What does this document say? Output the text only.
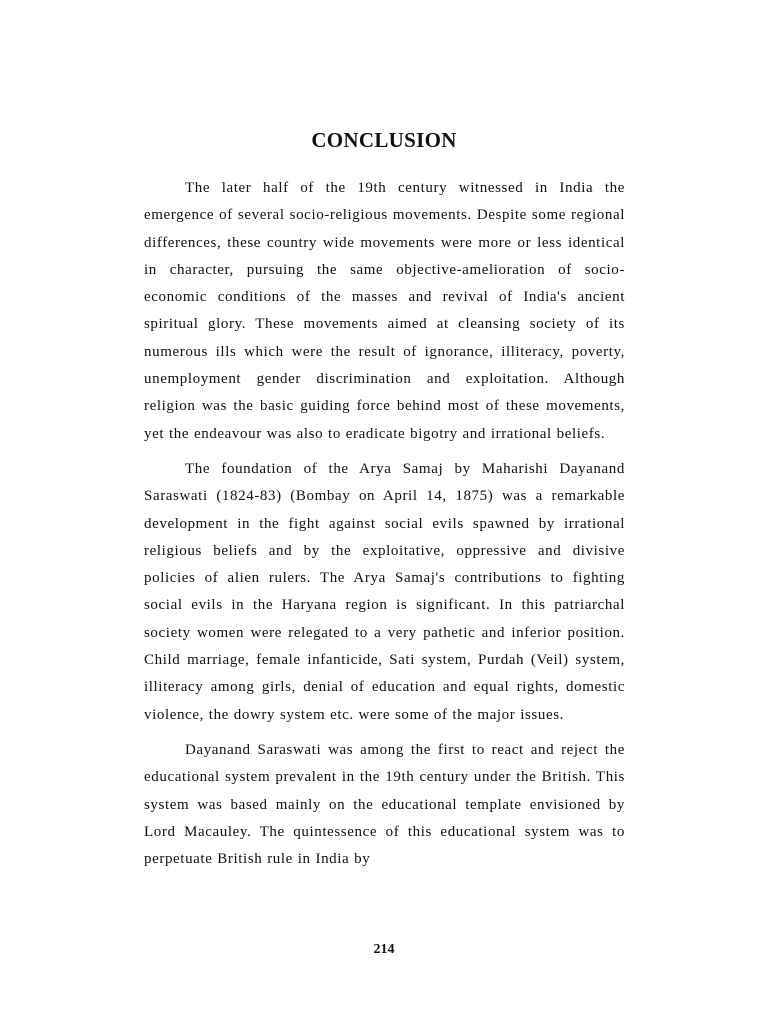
CONCLUSION

The later half of the 19th century witnessed in India the emergence of several socio-religious movements. Despite some regional differences, these country wide movements were more or less identical in character, pursuing the same objective-amelioration of socio-economic conditions of the masses and revival of India's ancient spiritual glory. These movements aimed at cleansing society of its numerous ills which were the result of ignorance, illiteracy, poverty, unemployment gender discrimination and exploitation. Although religion was the basic guiding force behind most of these movements, yet the endeavour was also to eradicate bigotry and irrational beliefs.

The foundation of the Arya Samaj by Maharishi Dayanand Saraswati (1824-83) (Bombay on April 14, 1875) was a remarkable development in the fight against social evils spawned by irrational religious beliefs and by the exploitative, oppressive and divisive policies of alien rulers. The Arya Samaj's contributions to fighting social evils in the Haryana region is significant. In this patriarchal society women were relegated to a very pathetic and inferior position. Child marriage, female infanticide, Sati system, Purdah (Veil) system, illiteracy among girls, denial of education and equal rights, domestic violence, the dowry system etc. were some of the major issues.

Dayanand Saraswati was among the first to react and reject the educational system prevalent in the 19th century under the British. This system was based mainly on the educational template envisioned by Lord Macauley. The quintessence of this educational system was to perpetuate British rule in India by

214
